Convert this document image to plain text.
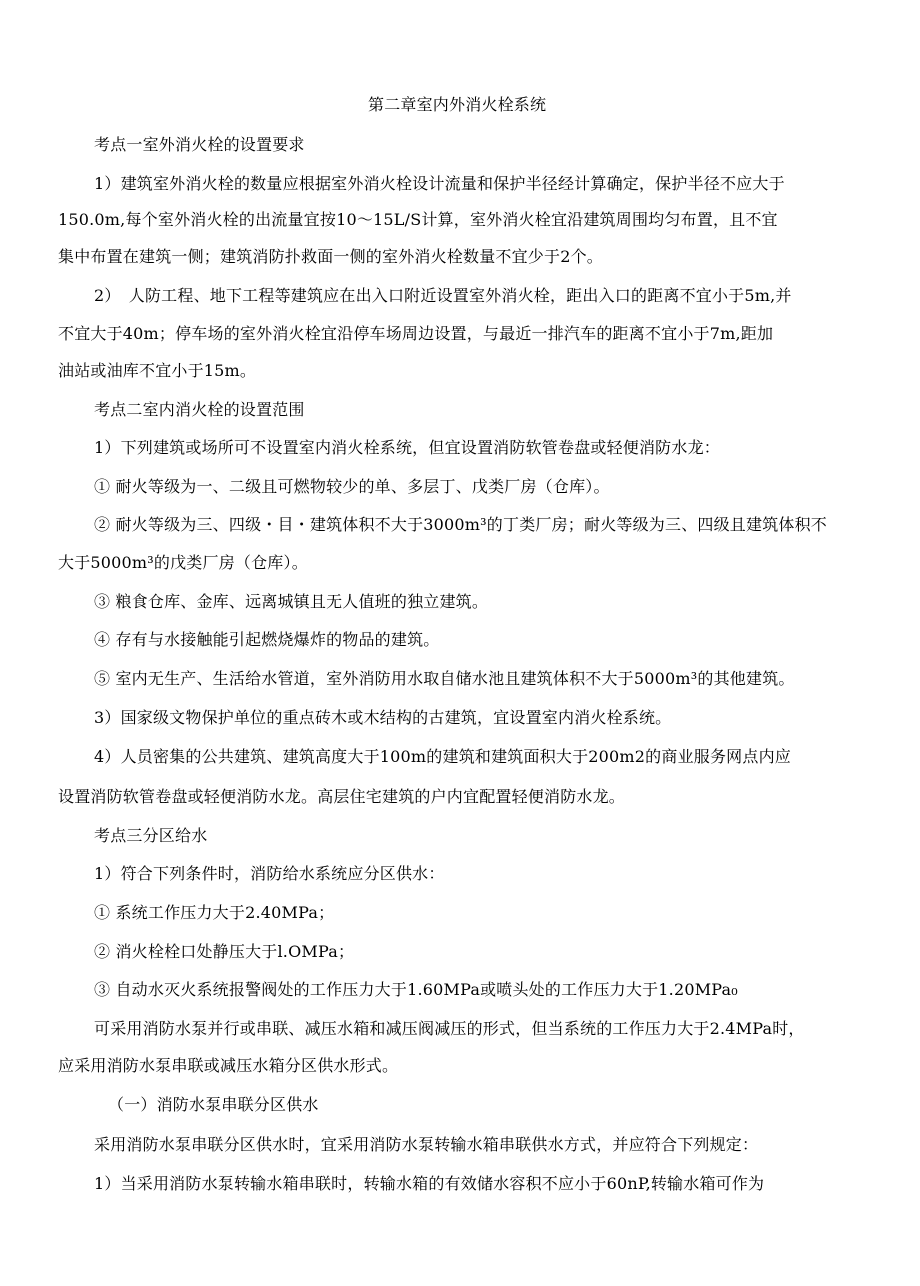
第二章室内外消火栓系统
考点一室外消火栓的设置要求
1）建筑室外消火栓的数量应根据室外消火栓设计流量和保护半径经计算确定，保护半径不应大于
150.0m,每个室外消火栓的出流量宜按10～15L/S计算，室外消火栓宜沿建筑周围均匀布置，且不宜
集中布置在建筑一侧；建筑消防扑救面一侧的室外消火栓数量不宜少于2个。
2）　人防工程、地下工程等建筑应在出入口附近设置室外消火栓，距出入口的距离不宜小于5m,并
不宜大于40m；停车场的室外消火栓宜沿停车场周边设置，与最近一排汽车的距离不宜小于7m,距加
油站或油库不宜小于15m。
考点二室内消火栓的设置范围
1）下列建筑或场所可不设置室内消火栓系统，但宜设置消防软管卷盘或轻便消防水龙：
① 耐火等级为一、二级且可燃物较少的单、多层丁、戊类厂房（仓库）。
② 耐火等级为三、四级・目・建筑体积不大于3000m³的丁类厂房；耐火等级为三、四级且建筑体积不
大于5000m³的戊类厂房（仓库）。
③ 粮食仓库、金库、远离城镇且无人值班的独立建筑。
④ 存有与水接触能引起燃烧爆炸的物品的建筑。
⑤ 室内无生产、生活给水管道，室外消防用水取自储水池且建筑体积不大于5000m³的其他建筑。
3）国家级文物保护单位的重点砖木或木结构的古建筑，宜设置室内消火栓系统。
4）人员密集的公共建筑、建筑高度大于100m的建筑和建筑面积大于200m2的商业服务网点内应
设置消防软管卷盘或轻便消防水龙。高层住宅建筑的户内宜配置轻便消防水龙。
考点三分区给水
1）符合下列条件时，消防给水系统应分区供水：
① 系统工作压力大于2.40MPa；
② 消火栓栓口处静压大于l.OMPa；
③ 自动水灭火系统报警阀处的工作压力大于1.60MPa或喷头处的工作压力大于1.20MPa₀
可采用消防水泵并行或串联、减压水箱和减压阀减压的形式，但当系统的工作压力大于2.4MPa时，
应采用消防水泵串联或减压水箱分区供水形式。
（一）消防水泵串联分区供水
采用消防水泵串联分区供水时，宜采用消防水泵转输水箱串联供水方式，并应符合下列规定：
1）当采用消防水泵转输水箱串联时，转输水箱的有效储水容积不应小于60nP,转输水箱可作为
